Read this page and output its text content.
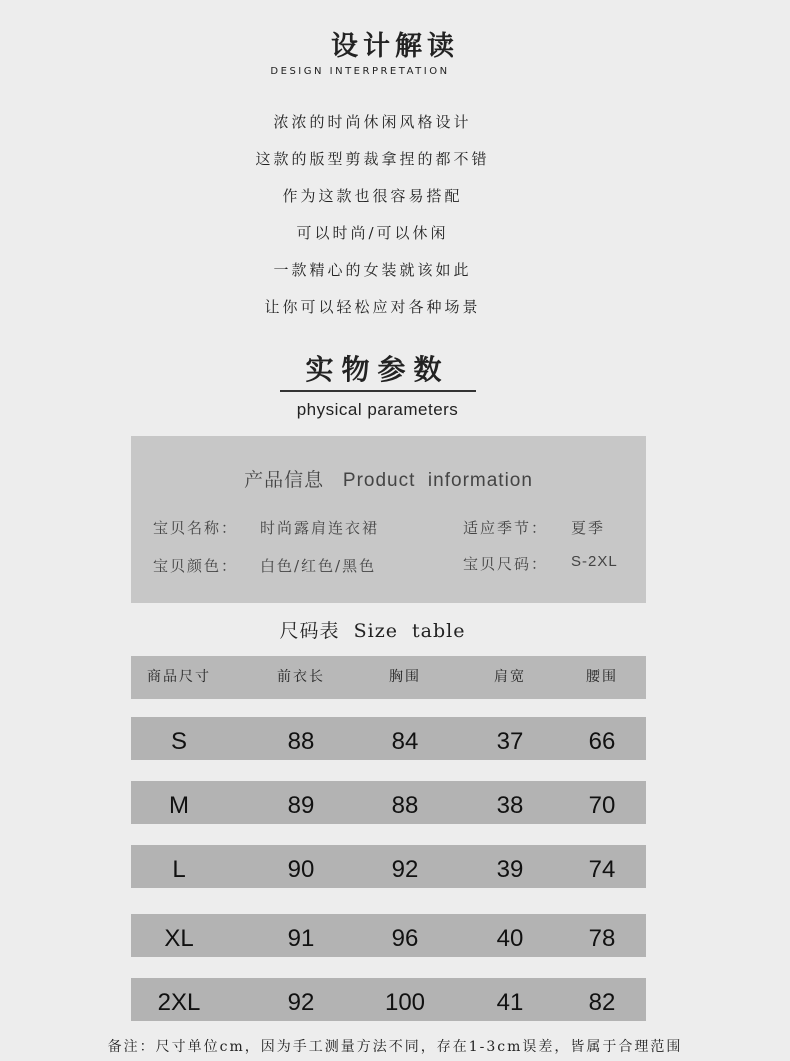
设计解读
DESIGN INTERPRETATION
浓浓的时尚休闲风格设计
这款的版型剪裁拿捏的都不错
作为这款也很容易搭配
可以时尚/可以休闲
一款精心的女装就该如此
让你可以轻松应对各种场景
实物参数
physical parameters
产品信息   Product  information
宝贝名称： 时尚露肩连衣裙	适应季节： 夏季
宝贝颜色： 白色/红色/黑色	宝贝尺码： S-2XL
尺码表  Size  table
商品尺寸	前衣长	胸围	肩宽	腰围
S	88	84	37	66
M	89	88	38	70
L	90	92	39	74
XL	91	96	40	78
2XL	92	100	41	82
备注：尺寸单位cm，因为手工测量方法不同，存在1-3cm误差，皆属于合理范围
